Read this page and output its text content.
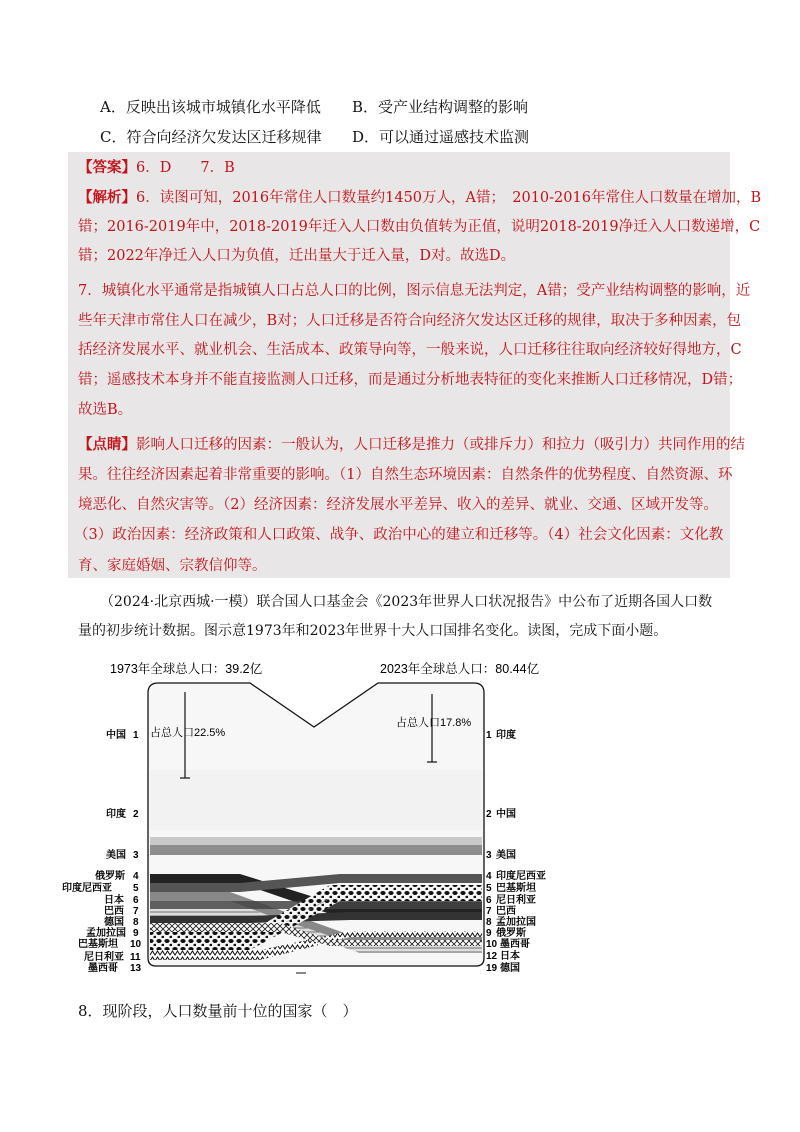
A．反映出该城市城镇化水平降低 B．受产业结构调整的影响
C．符合向经济欠发达区迁移规律 D．可以通过遥感技术监测
【答案】6．D　　7．B
【解析】6．读图可知，2016年常住人口数量约1450万人，A错；　2010-2016年常住人口数量在增加，B
错；2016-2019年中，2018-2019年迁入人口数由负值转为正值，说明2018-2019净迁入人口数递增，C
错；2022年净迁入人口为负值，迁出量大于迁入量，D对。故选D。
7．城镇化水平通常是指城镇人口占总人口的比例，图示信息无法判定，A错；受产业结构调整的影响，近
些年天津市常住人口在减少，B对；人口迁移是否符合向经济欠发达区迁移的规律，取决于多种因素，包
括经济发展水平、就业机会、生活成本、政策导向等，一般来说，人口迁移往往取向经济较好得地方，C
错；遥感技术本身并不能直接监测人口迁移，而是通过分析地表特征的变化来推断人口迁移情况，D错；
故选B。
【点睛】影响人口迁移的因素：一般认为，人口迁移是推力（或排斥力）和拉力（吸引力）共同作用的结
果。往往经济因素起着非常重要的影响。（1）自然生态环境因素：自然条件的优势程度、自然资源、环
境恶化、自然灾害等。（2）经济因素：经济发展水平差异、收入的差异、就业、交通、区域开发等。
（3）政治因素：经济政策和人口政策、战争、政治中心的建立和迁移等。（4）社会文化因素：文化教
育、家庭婚姻、宗教信仰等。
（2024·北京西城·一模）联合国人口基金会《2023年世界人口状况报告》中公布了近期各国人口数
量的初步统计数据。图示意1973年和2023年世界十大人口国排名变化。读图，完成下面小题。
1973年全球总人口：39.2亿	2023年全球总人口：80.44亿
占总人口22.5%
占总人口17.8%
中国 1
印度 2
美国 3
俄罗斯 4
印度尼西亚 5
日本 6
巴西 7
德国 8
孟加拉国 9
巴基斯坦 10
尼日利亚 11
墨西哥 13
1 印度
2 中国
3 美国
4 印度尼西亚
5 巴基斯坦
6 尼日利亚
7 巴西
8 孟加拉国
9 俄罗斯
10 墨西哥
12 日本
19 德国
8．现阶段，人口数量前十位的国家（　）
